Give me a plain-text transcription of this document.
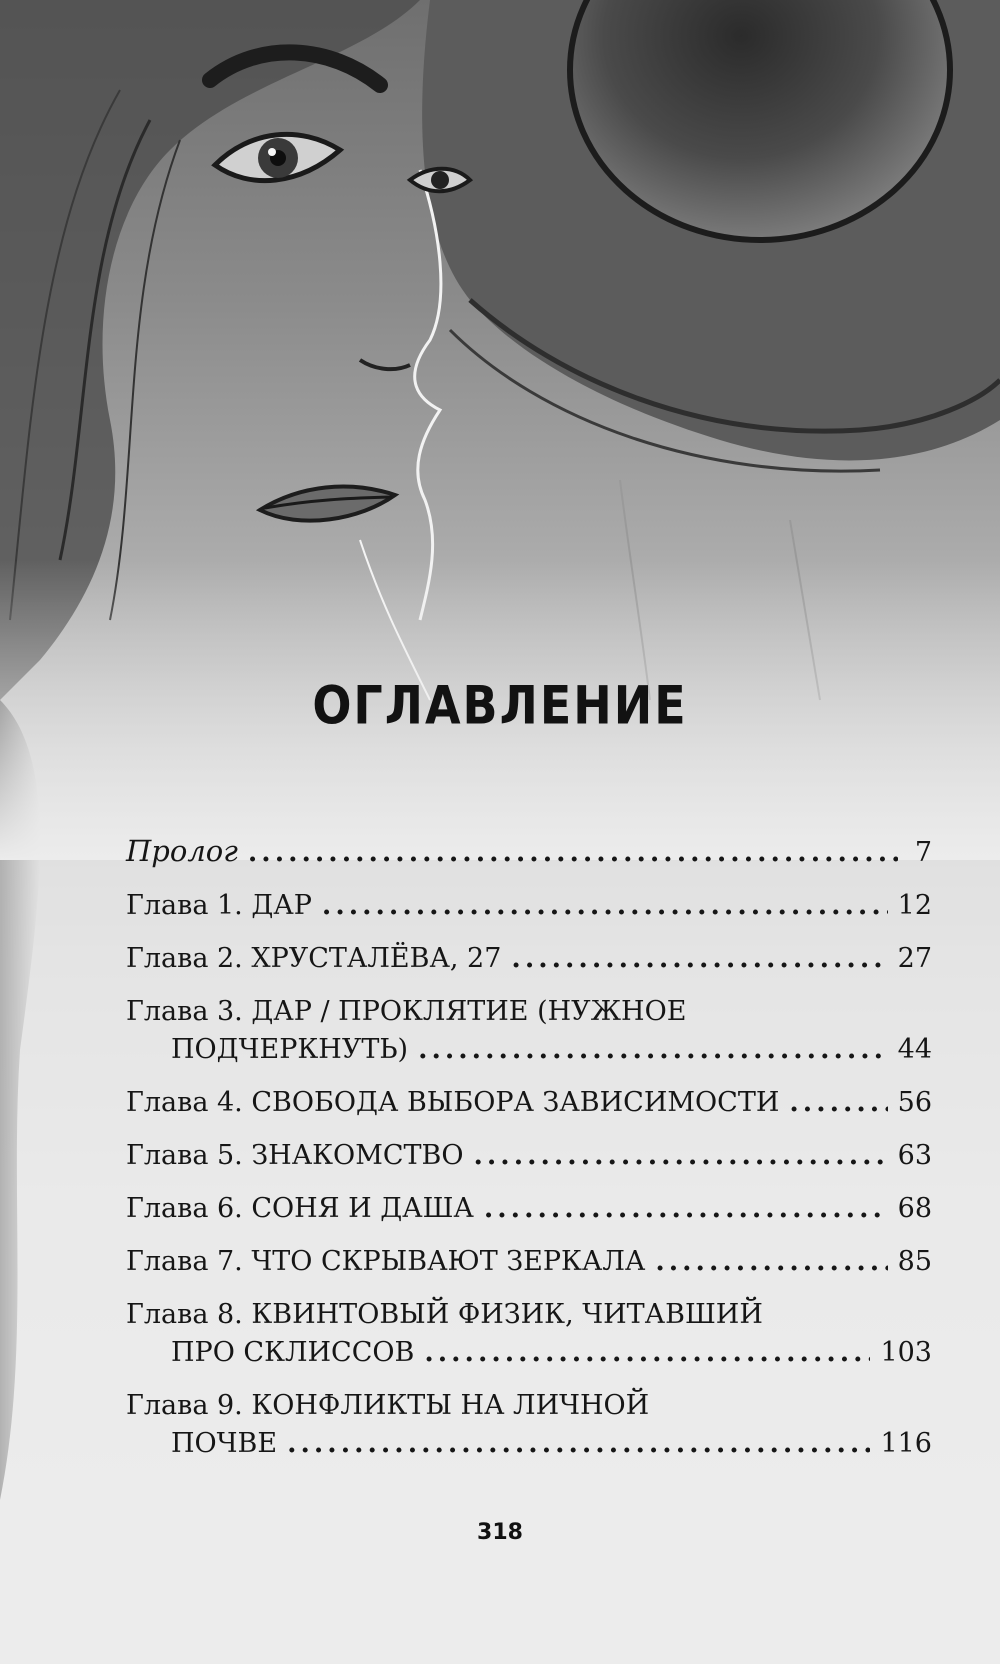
ОГЛАВЛЕНИЕ
Пролог .....	7
Глава 1. ДАР .....	12
Глава 2. ХРУСТАЛЁВА, 27 .....	27
Глава 3. ДАР / ПРОКЛЯТИЕ (НУЖНОЕ
ПОДЧЕРКНУТЬ) .....	44
Глава 4. СВОБОДА ВЫБОРА ЗАВИСИМОСТИ .....	56
Глава 5. ЗНАКОМСТВО .....	63
Глава 6. СОНЯ И ДАША .....	68
Глава 7. ЧТО СКРЫВАЮТ ЗЕРКАЛА .....	85
Глава 8. КВИНТОВЫЙ ФИЗИК, ЧИТАВШИЙ
ПРО СКЛИССОВ .....	103
Глава 9. КОНФЛИКТЫ НА ЛИЧНОЙ
ПОЧВЕ .....	116
318
